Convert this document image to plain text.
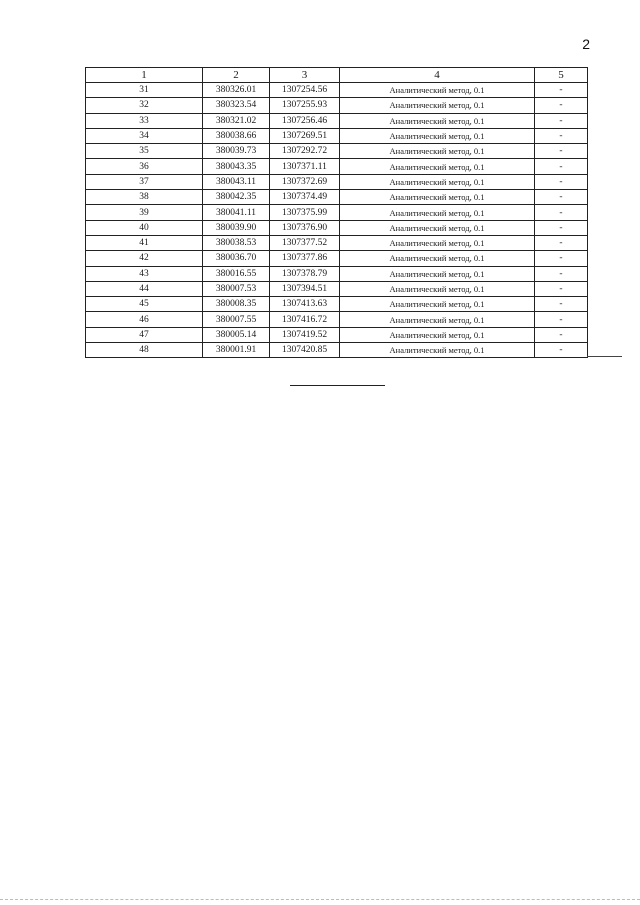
2
1	2	3	4	5
31	380326.01	1307254.56	Аналитический метод, 0.1	-
32	380323.54	1307255.93	Аналитический метод, 0.1	-
33	380321.02	1307256.46	Аналитический метод, 0.1	-
34	380038.66	1307269.51	Аналитический метод, 0.1	-
35	380039.73	1307292.72	Аналитический метод, 0.1	-
36	380043.35	1307371.11	Аналитический метод, 0.1	-
37	380043.11	1307372.69	Аналитический метод, 0.1	-
38	380042.35	1307374.49	Аналитический метод, 0.1	-
39	380041.11	1307375.99	Аналитический метод, 0.1	-
40	380039.90	1307376.90	Аналитический метод, 0.1	-
41	380038.53	1307377.52	Аналитический метод, 0.1	-
42	380036.70	1307377.86	Аналитический метод, 0.1	-
43	380016.55	1307378.79	Аналитический метод, 0.1	-
44	380007.53	1307394.51	Аналитический метод, 0.1	-
45	380008.35	1307413.63	Аналитический метод, 0.1	-
46	380007.55	1307416.72	Аналитический метод, 0.1	-
47	380005.14	1307419.52	Аналитический метод, 0.1	-
48	380001.91	1307420.85	Аналитический метод, 0.1	-
